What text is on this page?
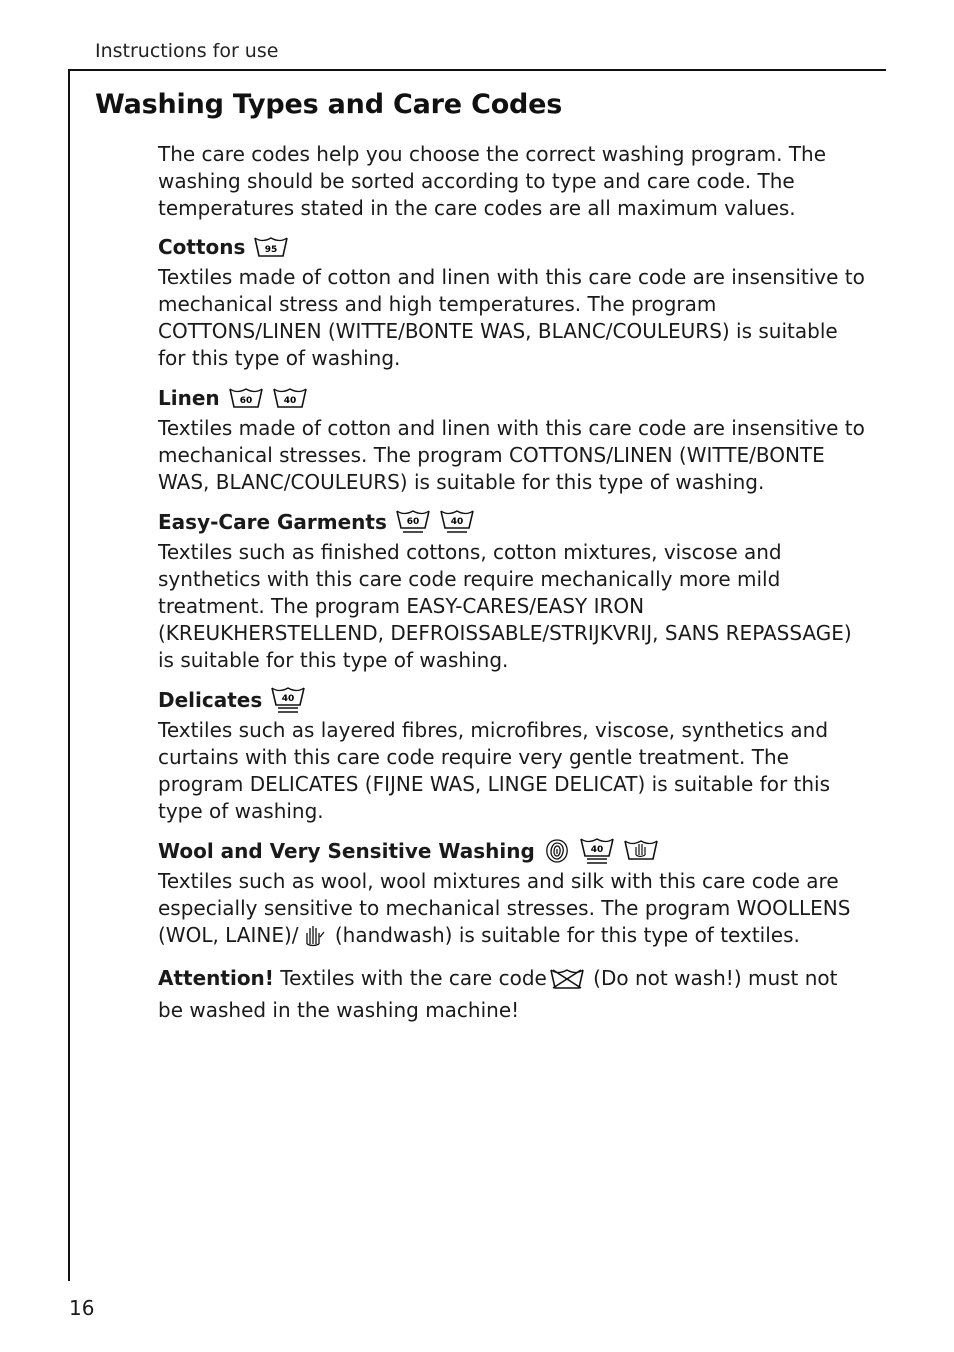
Instructions for use
Washing Types and Care Codes

The care codes help you choose the correct washing program. The washing should be sorted according to type and care code. The temperatures stated in the care codes are all maximum values.

Cottons 95

Textiles made of cotton and linen with this care code are insensitive to mechanical stress and high temperatures. The program COTTONS/LINEN (WITTE/BONTE WAS, BLANC/COULEURS) is suitable for this type of washing.

Linen 60	40

Textiles made of cotton and linen with this care code are insensitive to mechanical stresses. The program COTTONS/LINEN (WITTE/BONTE WAS, BLANC/COULEURS) is suitable for this type of washing.

Easy-Care Garments 60	40

Textiles such as finished cottons, cotton mixtures, viscose and synthetics with this care code require mechanically more mild treatment. The program EASY-CARES/EASY IRON (KREUKHERSTELLEND, DEFROISSABLE/STRIJKVRIJ, SANS REPASSAGE) is suitable for this type of washing.

Delicates 40

Textiles such as layered fibres, microfibres, viscose, synthetics and curtains with this care code require very gentle treatment. The program DELICATES (FIJNE WAS, LINGE DELICAT) is suitable for this type of washing.

Wool and Very Sensitive Washing	40

Textiles such as wool, wool mixtures and silk with this care code are especially sensitive to mechanical stresses. The program WOOLLENS (WOL, LAINE)/ (handwash) is suitable for this type of textiles.

Attention! Textiles with the care code (Do not wash!) must not be washed in the washing machine!

16
